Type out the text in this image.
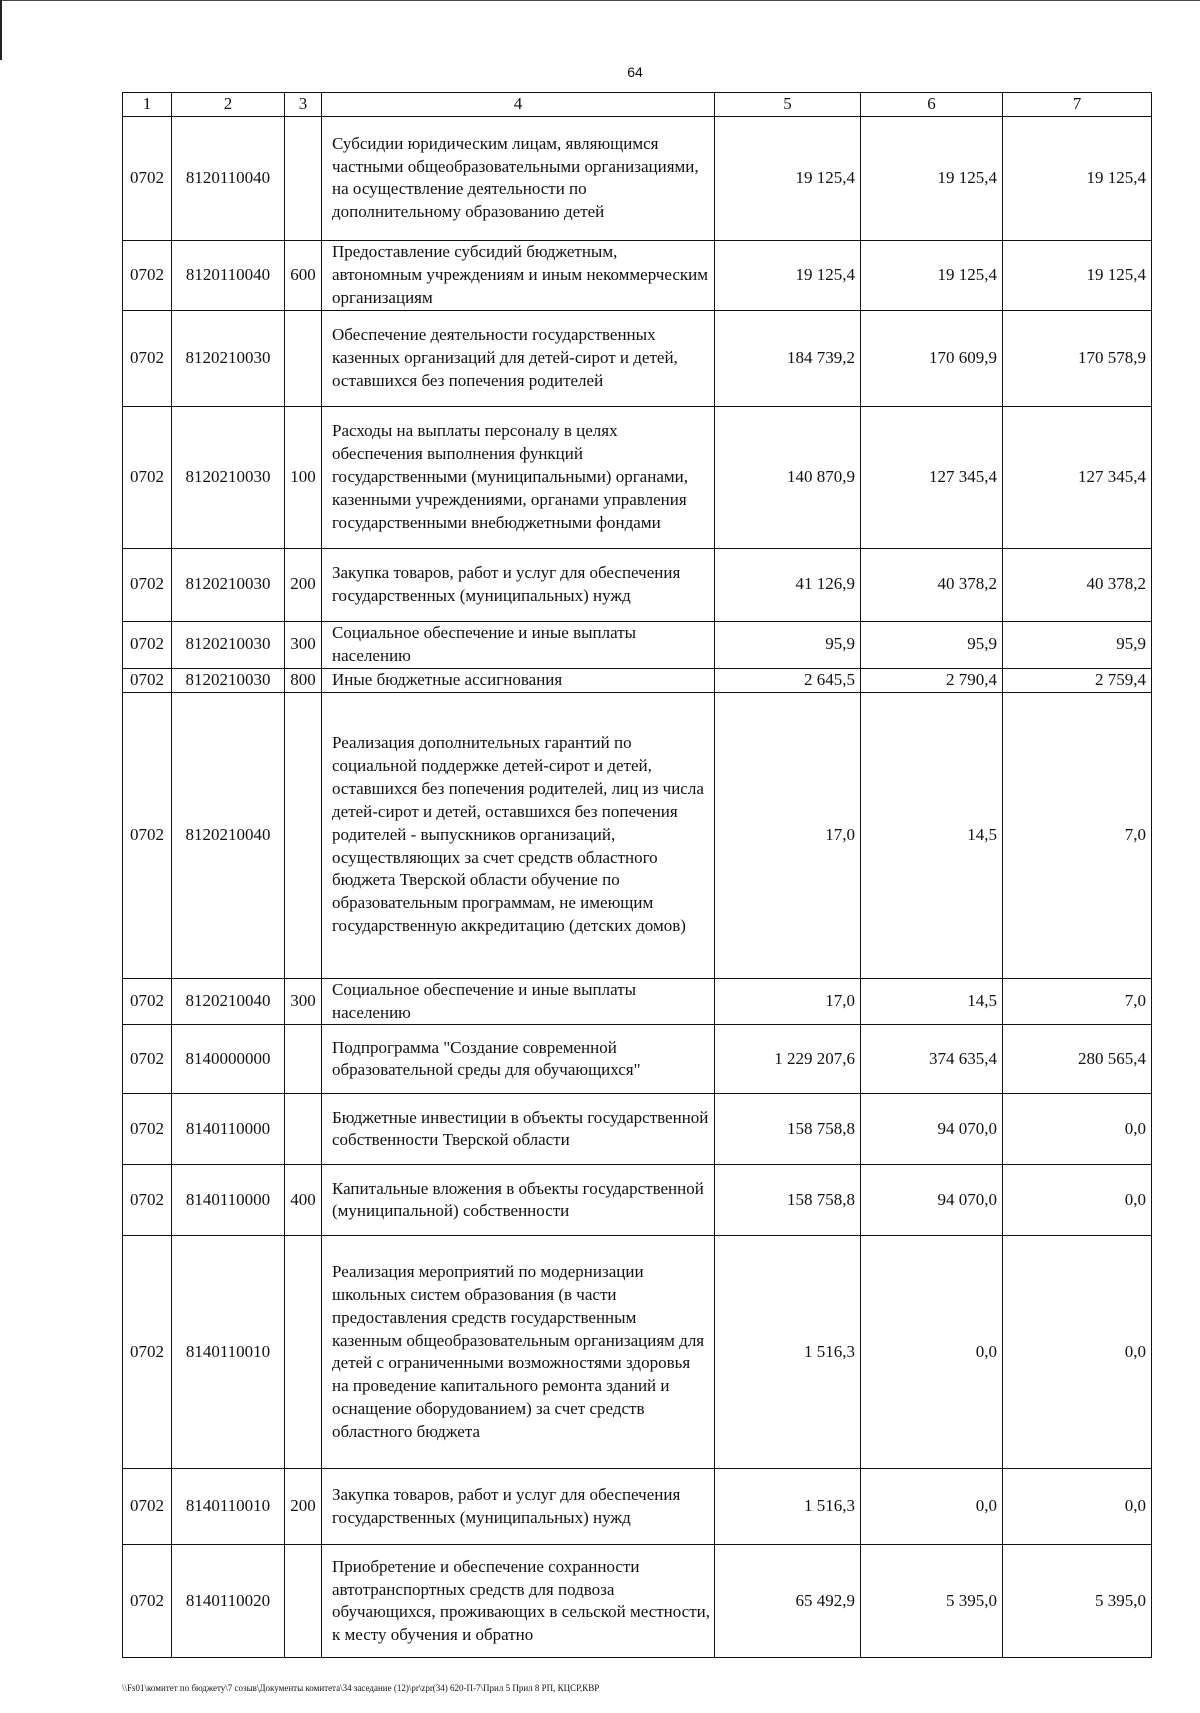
64
1	2	3	4	5	6	7
0702	8120110040		Субсидии юридическим лицам, являющимся частными общеобразовательными организациями, на осуществление деятельности по дополнительному образованию детей	19 125,4	19 125,4	19 125,4
0702	8120110040	600	Предоставление субсидий бюджетным, автономным учреждениям и иным некоммерческим организациям	19 125,4	19 125,4	19 125,4
0702	8120210030		Обеспечение деятельности государственных казенных организаций для детей-сирот и детей, оставшихся без попечения родителей	184 739,2	170 609,9	170 578,9
0702	8120210030	100	Расходы на выплаты персоналу в целях обеспечения выполнения функций государственными (муниципальными) органами, казенными учреждениями, органами управления государственными внебюджетными фондами	140 870,9	127 345,4	127 345,4
0702	8120210030	200	Закупка товаров, работ и услуг для обеспечения государственных (муниципальных) нужд	41 126,9	40 378,2	40 378,2
0702	8120210030	300	Социальное обеспечение и иные выплаты населению	95,9	95,9	95,9
0702	8120210030	800	Иные бюджетные ассигнования	2 645,5	2 790,4	2 759,4
0702	8120210040		Реализация дополнительных гарантий по социальной поддержке детей-сирот и детей, оставшихся без попечения родителей, лиц из числа детей-сирот и детей, оставшихся без попечения родителей - выпускников организаций, осуществляющих за счет средств областного бюджета Тверской области обучение по образовательным программам, не имеющим государственную аккредитацию (детских домов)	17,0	14,5	7,0
0702	8120210040	300	Социальное обеспечение и иные выплаты населению	17,0	14,5	7,0
0702	8140000000		Подпрограмма "Создание современной образовательной среды для обучающихся"	1 229 207,6	374 635,4	280 565,4
0702	8140110000		Бюджетные инвестиции в объекты государственной собственности Тверской области	158 758,8	94 070,0	0,0
0702	8140110000	400	Капитальные вложения в объекты государственной (муниципальной) собственности	158 758,8	94 070,0	0,0
0702	8140110010		Реализация мероприятий по модернизации школьных систем образования (в части предоставления средств государственным казенным общеобразовательным организациям для детей с ограниченными возможностями здоровья на проведение капитального ремонта зданий и оснащение оборудованием) за счет средств областного бюджета	1 516,3	0,0	0,0
0702	8140110010	200	Закупка товаров, работ и услуг для обеспечения государственных (муниципальных) нужд	1 516,3	0,0	0,0
0702	8140110020		Приобретение и обеспечение сохранности автотранспортных средств для подвоза обучающихся, проживающих в сельской местности, к месту обучения и обратно	65 492,9	5 395,0	5 395,0
\\Fs01\комитет по бюджету\7 созыв\Документы комитета\34 заседание (12)\pr\zpr(34) 620-П-7\Прил 5 Прил 8 РП, КЦСР,КВР
